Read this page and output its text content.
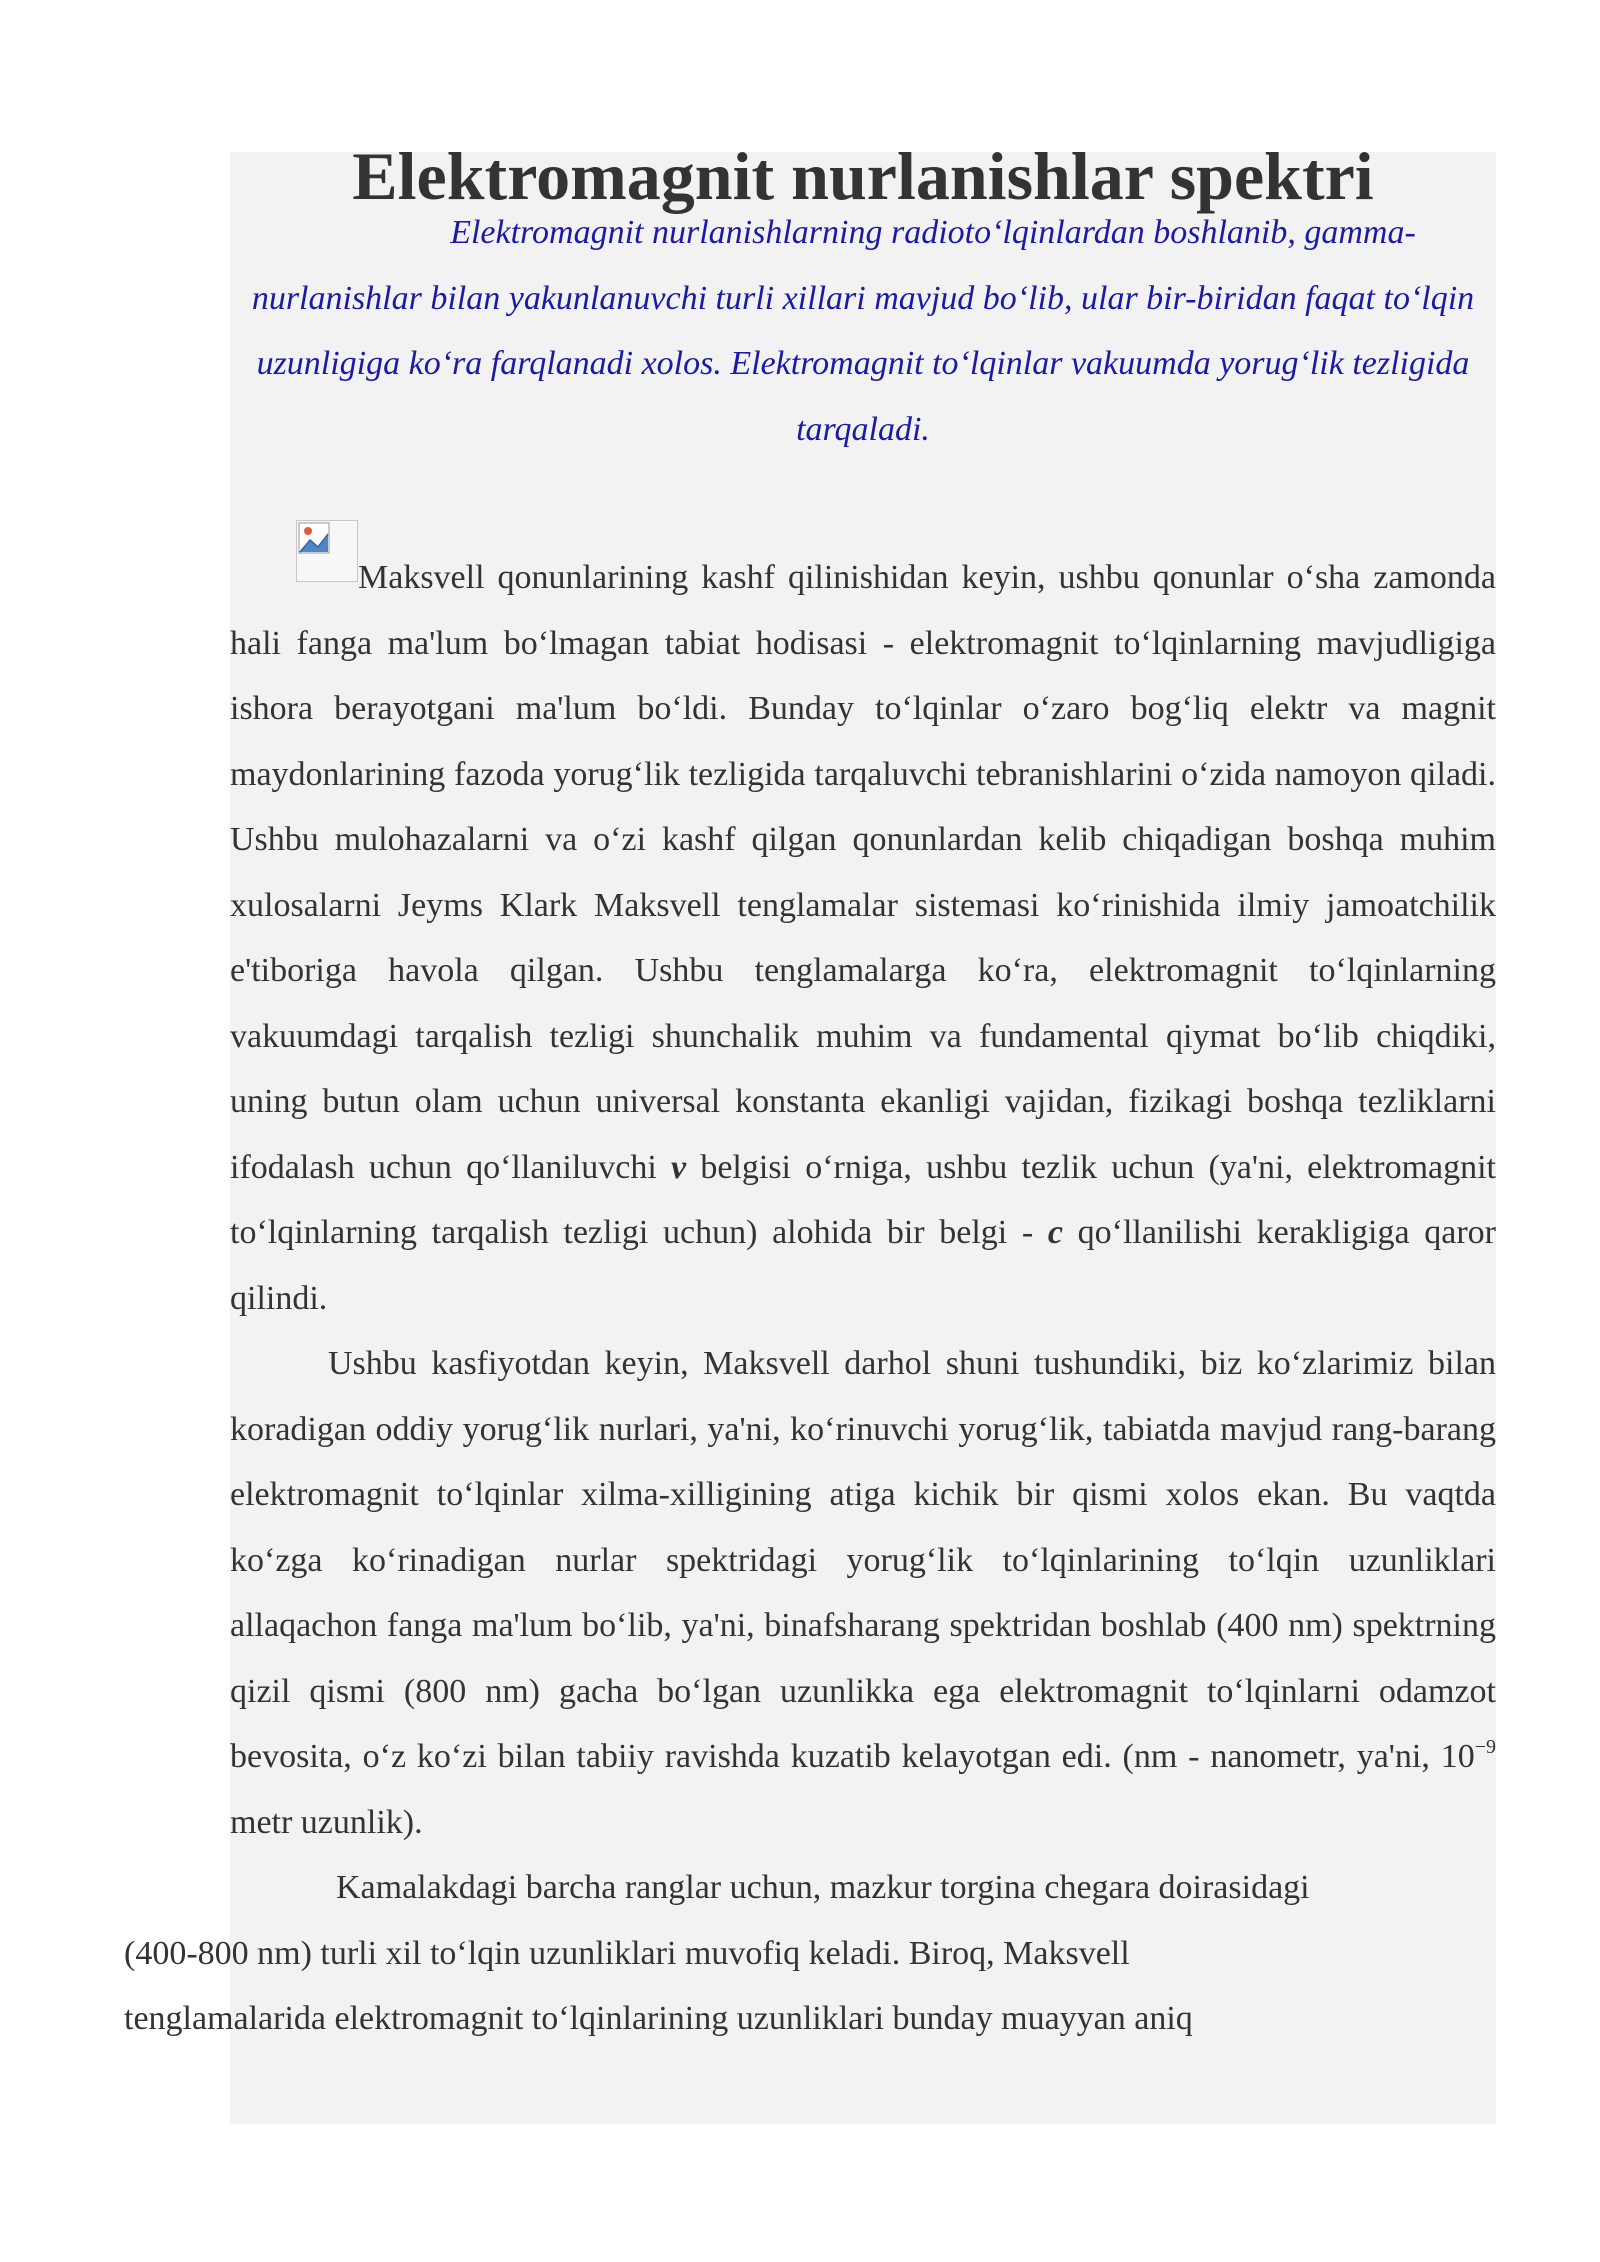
Elektromagnit nurlanishlar spektri

Elektromagnit nurlanishlarning radioto‘lqinlardan boshlanib, gamma-nurlanishlar bilan yakunlanuvchi turli xillari mavjud bo‘lib, ular bir-biridan faqat to‘lqin uzunligiga ko‘ra farqlanadi xolos. Elektromagnit to‘lqinlar vakuumda yorug‘lik tezligida tarqaladi.

Maksvell qonunlarining kashf qilinishidan keyin, ushbu qonunlar o‘sha zamonda hali fanga ma'lum bo‘lmagan tabiat hodisasi - elektromagnit to‘lqinlarning mavjudligiga ishora berayotgani ma'lum bo‘ldi. Bunday to‘lqinlar o‘zaro bog‘liq elektr va magnit maydonlarining fazoda yorug‘lik tezligida tarqaluvchi tebranishlarini o‘zida namoyon qiladi. Ushbu mulohazalarni va o‘zi kashf qilgan qonunlardan kelib chiqadigan boshqa muhim xulosalarni Jeyms Klark Maksvell tenglamalar sistemasi ko‘rinishida ilmiy jamoatchilik e'tiboriga havola qilgan. Ushbu tenglamalarga ko‘ra, elektromagnit to‘lqinlarning vakuumdagi tarqalish tezligi shunchalik muhim va fundamental qiymat bo‘lib chiqdiki, uning butun olam uchun universal konstanta ekanligi vajidan, fizikagi boshqa tezliklarni ifodalash uchun qo‘llaniluvchi v belgisi o‘rniga, ushbu tezlik uchun (ya'ni, elektromagnit to‘lqinlarning tarqalish tezligi uchun) alohida bir belgi - c qo‘llanilishi kerakligiga qaror qilindi.

Ushbu kasfiyotdan keyin, Maksvell darhol shuni tushundiki, biz ko‘zlarimiz bilan koradigan oddiy yorug‘lik nurlari, ya'ni, ko‘rinuvchi yorug‘lik, tabiatda mavjud rang-barang elektromagnit to‘lqinlar xilma-xilligining atiga kichik bir qismi xolos ekan. Bu vaqtda ko‘zga ko‘rinadigan nurlar spektridagi yorug‘lik to‘lqinlarining to‘lqin uzunliklari allaqachon fanga ma'lum bo‘lib, ya'ni, binafsharang spektridan boshlab (400 nm) spektrning qizil qismi (800 nm) gacha bo‘lgan uzunlikka ega elektromagnit to‘lqinlarni odamzot bevosita, o‘z ko‘zi bilan tabiiy ravishda kuzatib kelayotgan edi. (nm - nanometr, ya'ni, $10^{-9}$ metr uzunlik).

Kamalakdagi barcha ranglar uchun, mazkur torgina chegara doirasidagi
(400-800 nm) turli xil to‘lqin uzunliklari muvofiq keladi. Biroq, Maksvell
tenglamalarida elektromagnit to‘lqinlarining uzunliklari bunday muayyan aniq
